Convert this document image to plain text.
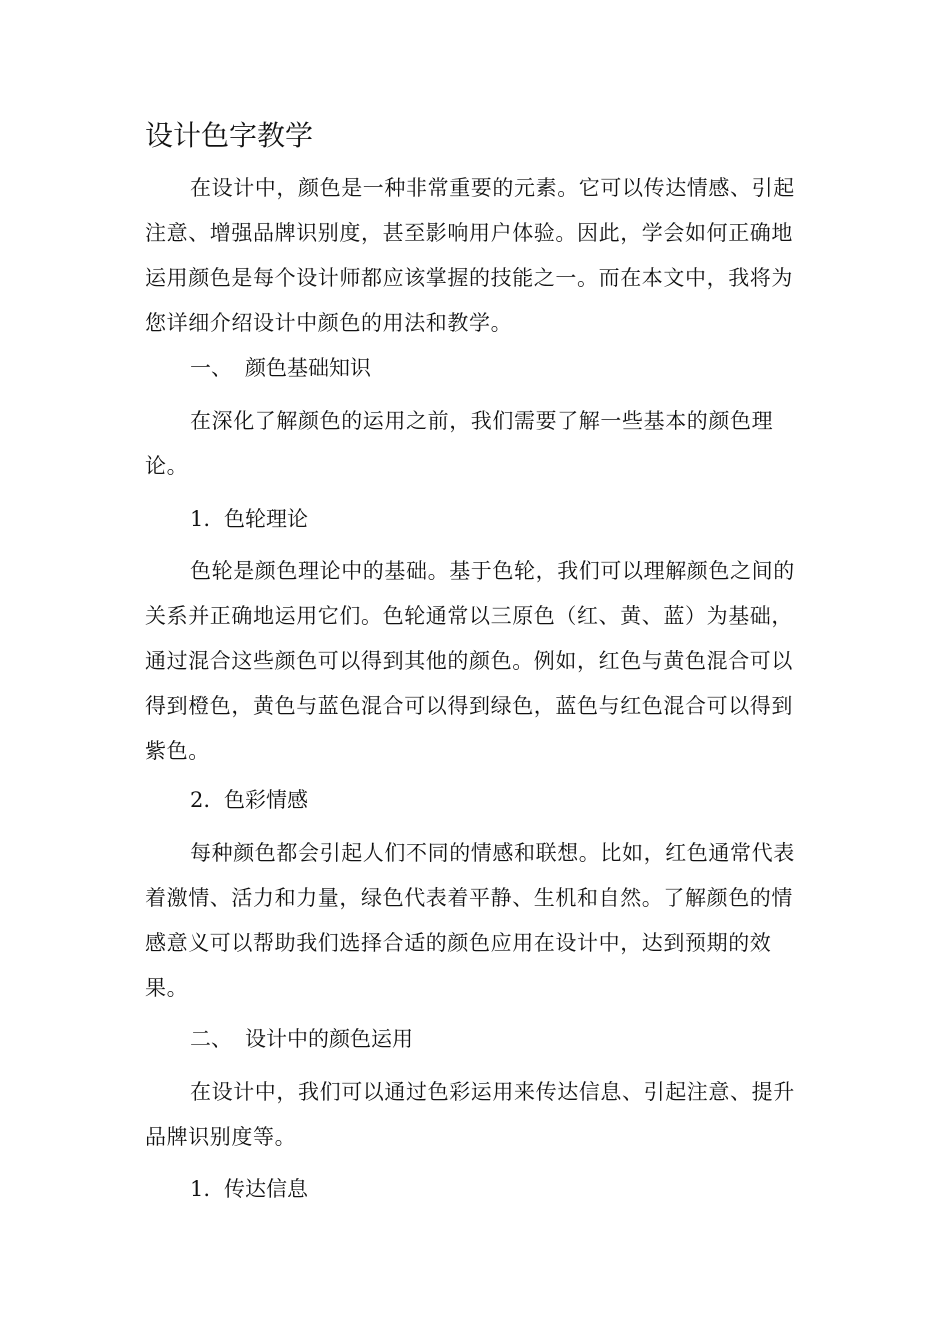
设计色字教学

在设计中，颜色是一种非常重要的元素。它可以传达情感、引起注意、增强品牌识别度，甚至影响用户体验。因此，学会如何正确地运用颜色是每个设计师都应该掌握的技能之一。而在本文中，我将为您详细介绍设计中颜色的用法和教学。

一、 颜色基础知识

在深化了解颜色的运用之前，我们需要了解一些基本的颜色理论。

1. 色轮理论

色轮是颜色理论中的基础。基于色轮，我们可以理解颜色之间的关系并正确地运用它们。色轮通常以三原色（红、黄、蓝）为基础，通过混合这些颜色可以得到其他的颜色。例如，红色与黄色混合可以得到橙色，黄色与蓝色混合可以得到绿色，蓝色与红色混合可以得到紫色。

2. 色彩情感

每种颜色都会引起人们不同的情感和联想。比如，红色通常代表着激情、活力和力量，绿色代表着平静、生机和自然。了解颜色的情感意义可以帮助我们选择合适的颜色应用在设计中，达到预期的效果。

二、 设计中的颜色运用

在设计中，我们可以通过色彩运用来传达信息、引起注意、提升品牌识别度等。

1. 传达信息
